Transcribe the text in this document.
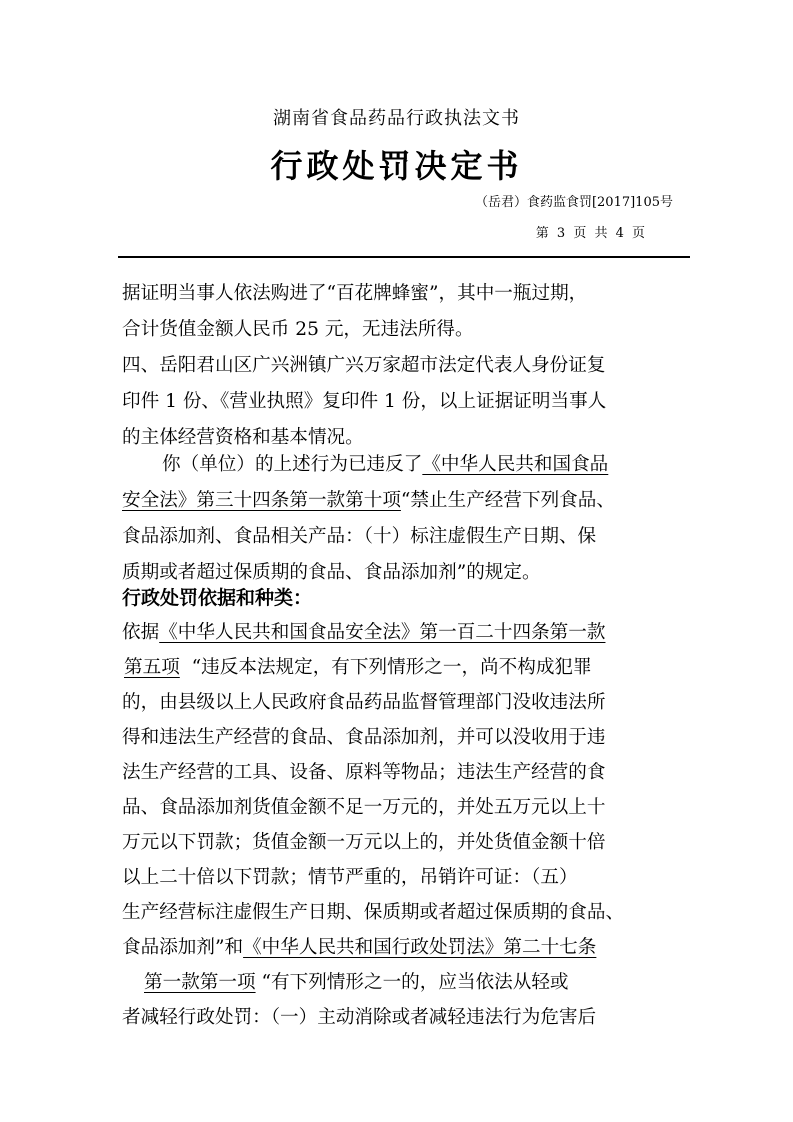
湖南省食品药品行政执法文书
行政处罚决定书
（岳君）食药监食罚[2017]105号
第 3 页 共 4 页
据证明当事人依法购进了“百花牌蜂蜜”，其中一瓶过期，
合计货值金额人民币 25 元，无违法所得。
四、岳阳君山区广兴洲镇广兴万家超市法定代表人身份证复
印件 1 份、《营业执照》复印件 1 份，以上证据证明当事人
的主体经营资格和基本情况。
你（单位）的上述行为已违反了《中华人民共和国食品
安全法》第三十四条第一款第十项“禁止生产经营下列食品、
食品添加剂、食品相关产品：（十）标注虚假生产日期、保
质期或者超过保质期的食品、食品添加剂”的规定。
行政处罚依据和种类：
依据《中华人民共和国食品安全法》第一百二十四条第一款
第五项 “违反本法规定，有下列情形之一，尚不构成犯罪
的，由县级以上人民政府食品药品监督管理部门没收违法所
得和违法生产经营的食品、食品添加剂，并可以没收用于违
法生产经营的工具、设备、原料等物品；违法生产经营的食
品、食品添加剂货值金额不足一万元的，并处五万元以上十
万元以下罚款；货值金额一万元以上的，并处货值金额十倍
以上二十倍以下罚款；情节严重的，吊销许可证：（五）
生产经营标注虚假生产日期、保质期或者超过保质期的食品、
食品添加剂”和《中华人民共和国行政处罚法》第二十七条
第一款第一项 “有下列情形之一的，应当依法从轻或
者减轻行政处罚：（一）主动消除或者减轻违法行为危害后
